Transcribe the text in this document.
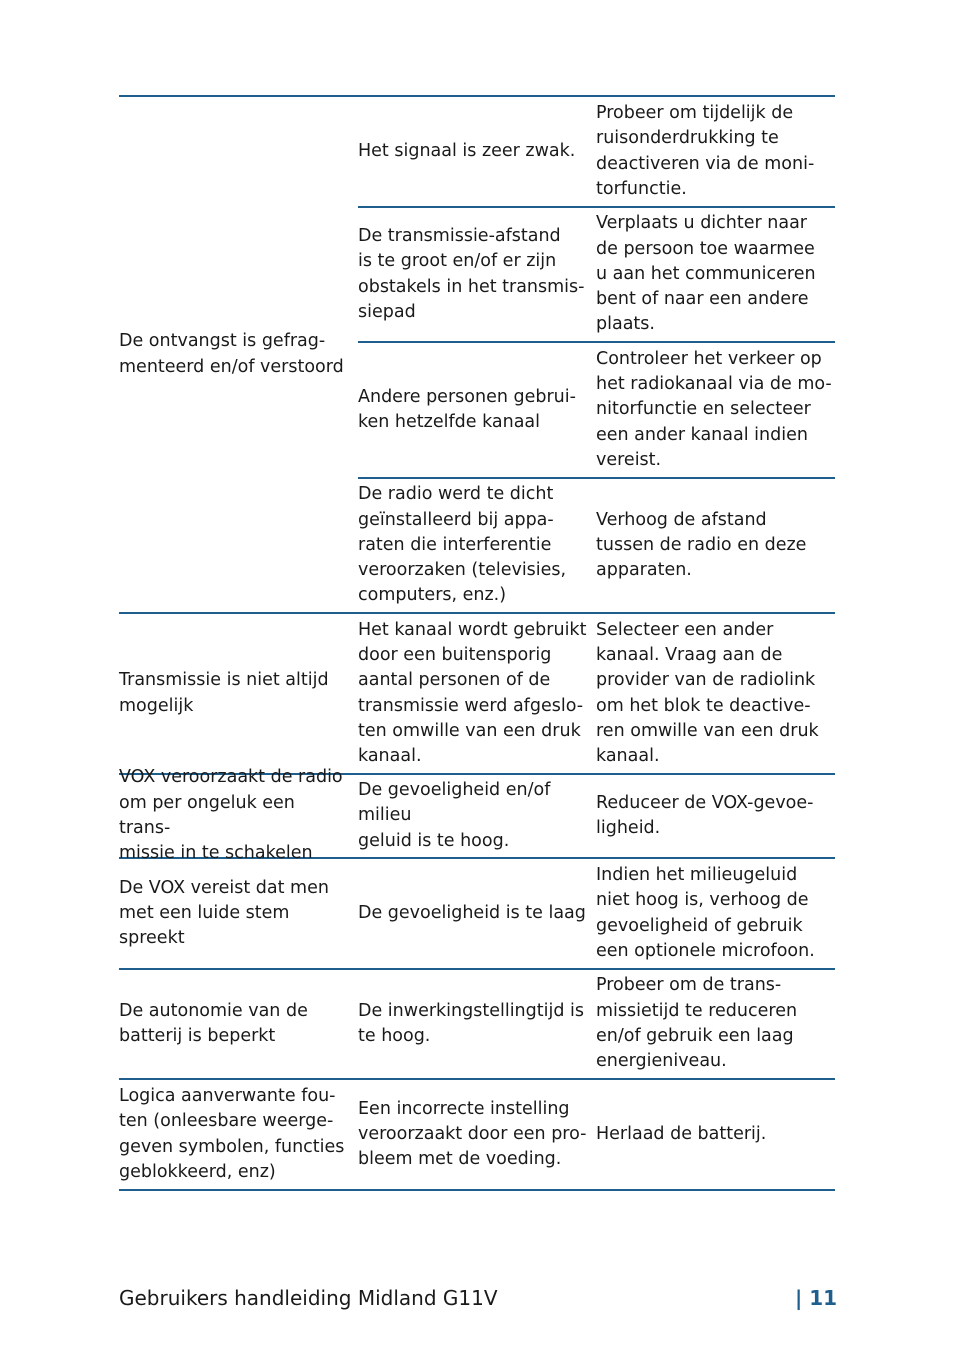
De ontvangst is gefrag-
menteerd en/of verstoord
Het signaal is zeer zwak.
Probeer om tijdelijk de
ruisonderdrukking te
deactiveren via de moni-
torfunctie.
De transmissie-afstand
is te groot en/of er zijn
obstakels in het transmis-
siepad
Verplaats u dichter naar
de persoon toe waarmee
u aan het communiceren
bent of naar een andere
plaats.
Andere personen gebrui-
ken hetzelfde kanaal
Controleer het verkeer op
het radiokanaal via de mo-
nitorfunctie en selecteer
een ander kanaal indien
vereist.
De radio werd te dicht
geïnstalleerd bij appa-
raten die interferentie
veroorzaken (televisies,
computers, enz.)
Verhoog de afstand
tussen de radio en deze
apparaten.
Transmissie is niet altijd
mogelijk
Het kanaal wordt gebruikt
door een buitensporig
aantal personen of de
transmissie werd afgeslo-
ten omwille van een druk
kanaal.
Selecteer een ander
kanaal. Vraag aan de
provider van de radiolink
om het blok te deactive-
ren omwille van een druk
kanaal.
VOX veroorzaakt de radio
om per ongeluk een trans-
missie in te schakelen
De gevoeligheid en/of
milieu
geluid is te hoog.
Reduceer de VOX-gevoe-
ligheid.
De VOX vereist dat men
met een luide stem
spreekt
De gevoeligheid is te laag
Indien het milieugeluid
niet hoog is, verhoog de
gevoeligheid of gebruik
een optionele microfoon.
De autonomie van de
batterij is beperkt
De inwerkingstellingtijd is
te hoog.
Probeer om de trans-
missietijd te reduceren
en/of gebruik een laag
energieniveau.
Logica aanverwante fou-
ten (onleesbare weerge-
geven symbolen, functies
geblokkeerd, enz)
Een incorrecte instelling
veroorzaakt door een pro-
bleem met de voeding.
Herlaad de batterij.
Gebruikers handleiding Midland G11V	| 11
